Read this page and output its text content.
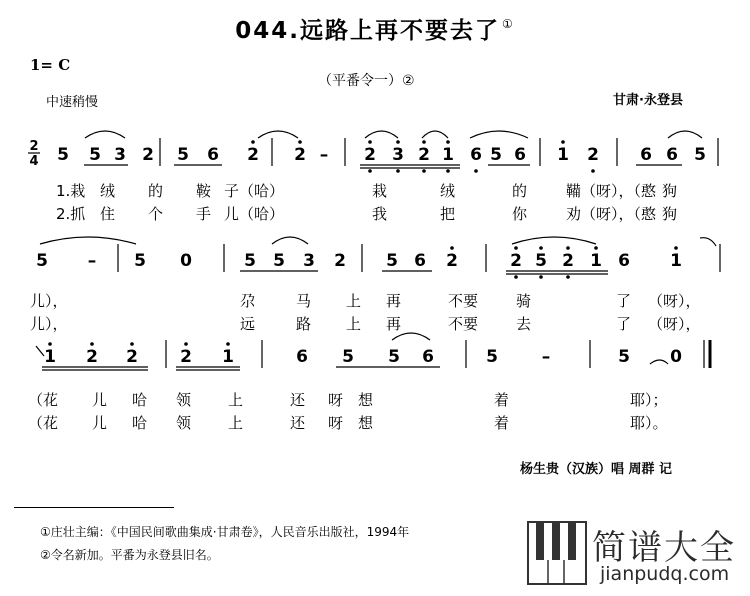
044.远路上再不要去了 ①
1= C
（平番令一）②
中速稍慢	甘肃·永登县
2
4 5 5 3 2 5 6 2 2 – 2 3 2 1 6 5 6 1 2 6 6 5
5 – 5 0	5 5 3 2 5 6 2	2 5 2 1 6 1
1 2 2 2 1	6 5 5 6	5	–	5 0
1.栽 绒 的 鞍 子（哈）	栽	绒	的	鞴（呀），（憨 狗
2.抓 住 个 手 儿（哈）	我	把	你	劝（呀），（憨 狗
儿），	尕	马 上 再	不要	骑	了 （呀），
儿），	远	路 上 再	不要	去	了 （呀），
（花 儿 哈 领 上	还 呀 想	着	耶）；
（花 儿 哈 领 上	还 呀 想	着	耶）。
杨生贵（汉族）唱 周群 记
①庄壮主编：《中国民间歌曲集成·甘肃卷》，人民音乐出版社，1994年
②令名新加。平番为永登县旧名。	简谱大全
jianpudq.com
